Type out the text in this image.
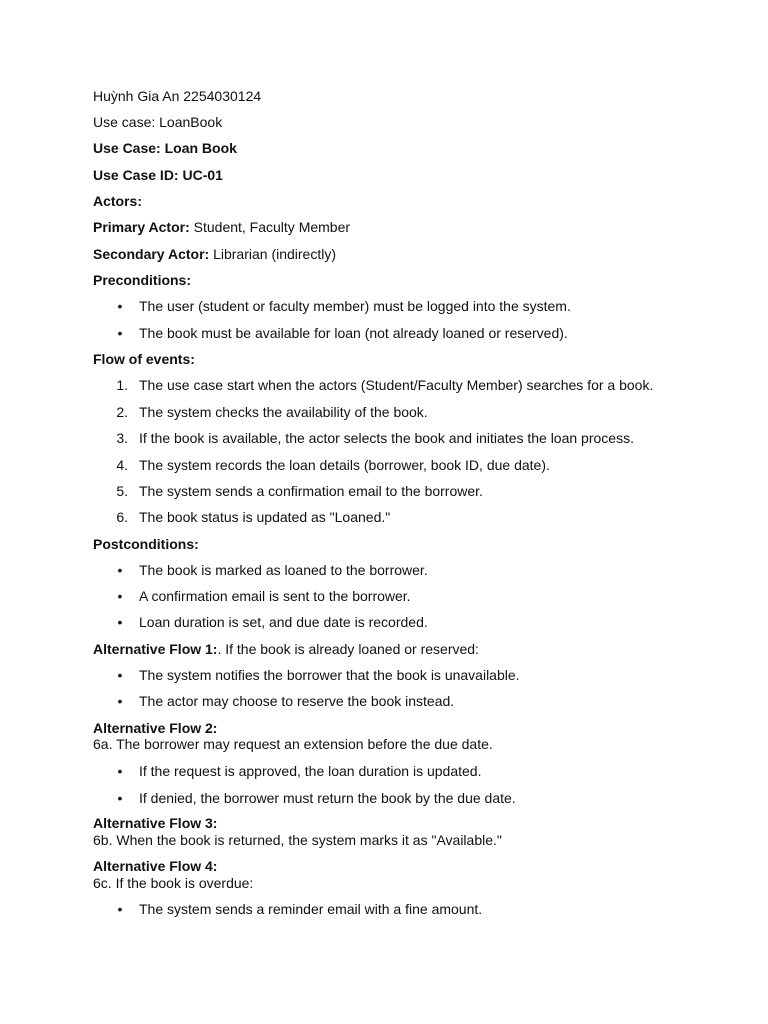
Huỳnh Gia An 2254030124
Use case: LoanBook
Use Case: Loan Book
Use Case ID: UC-01
Actors:
Primary Actor: Student, Faculty Member
Secondary Actor: Librarian (indirectly)
Preconditions:
•	The user (student or faculty member) must be logged into the system.
•	The book must be available for loan (not already loaned or reserved).
Flow of events:
1. The use case start when the actors (Student/Faculty Member) searches for a book.
2. The system checks the availability of the book.
3. If the book is available, the actor selects the book and initiates the loan process.
4. The system records the loan details (borrower, book ID, due date).
5. The system sends a confirmation email to the borrower.
6. The book status is updated as "Loaned."
Postconditions:
•	The book is marked as loaned to the borrower.
•	A confirmation email is sent to the borrower.
•	Loan duration is set, and due date is recorded.
Alternative Flow 1:. If the book is already loaned or reserved:
•	The system notifies the borrower that the book is unavailable.
•	The actor may choose to reserve the book instead.
Alternative Flow 2:
6a. The borrower may request an extension before the due date.
•	If the request is approved, the loan duration is updated.
•	If denied, the borrower must return the book by the due date.
Alternative Flow 3:
6b. When the book is returned, the system marks it as "Available."
Alternative Flow 4:
6c. If the book is overdue:
•	The system sends a reminder email with a fine amount.
